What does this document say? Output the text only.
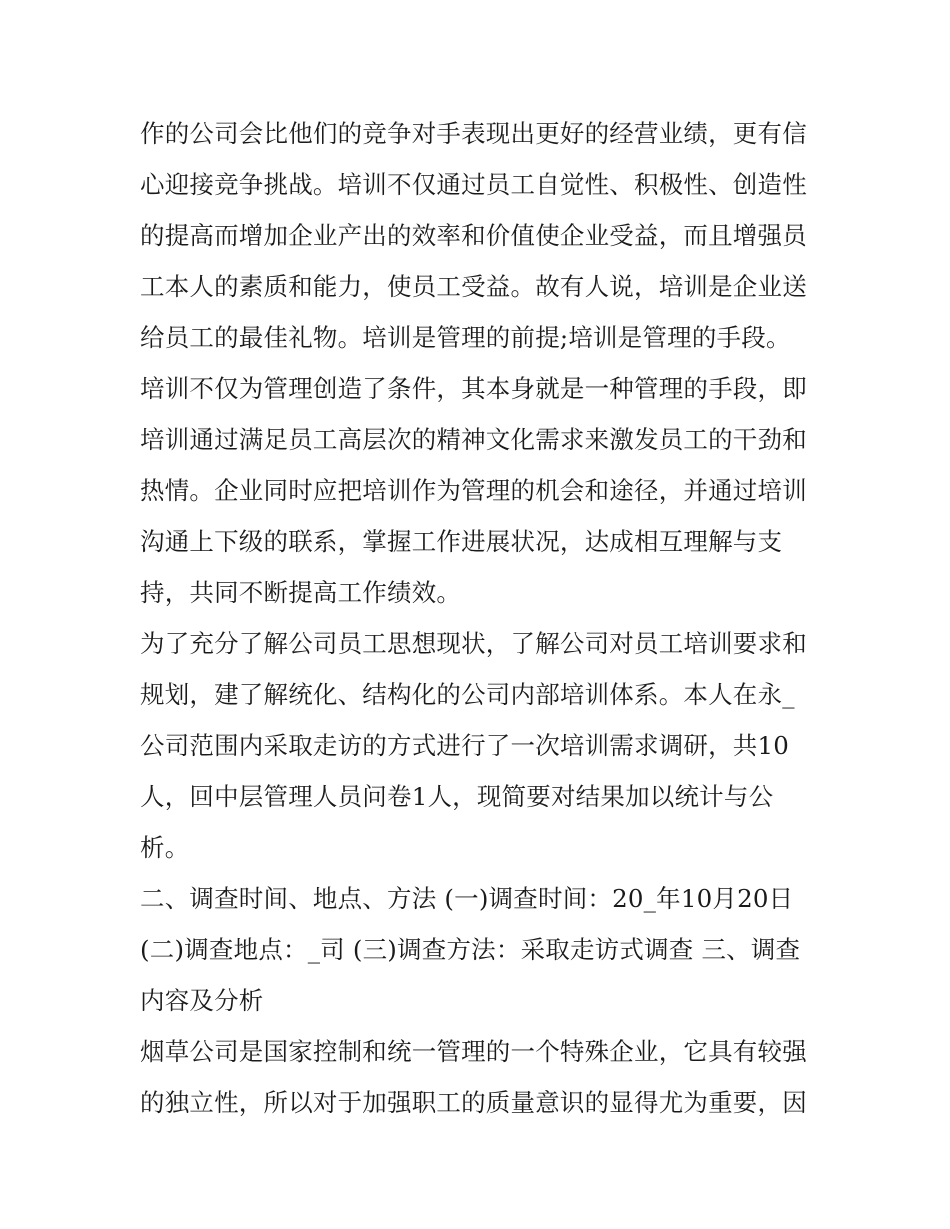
作的公司会比他们的竞争对手表现出更好的经营业绩，更有信
心迎接竞争挑战。培训不仅通过员工自觉性、积极性、创造性
的提高而增加企业产出的效率和价值使企业受益，而且增强员
工本人的素质和能力，使员工受益。故有人说，培训是企业送
给员工的最佳礼物。培训是管理的前提;培训是管理的手段。
培训不仅为管理创造了条件，其本身就是一种管理的手段，即
培训通过满足员工高层次的精神文化需求来激发员工的干劲和
热情。企业同时应把培训作为管理的机会和途径，并通过培训
沟通上下级的联系，掌握工作进展状况，达成相互理解与支
持，共同不断提高工作绩效。
为了充分了解公司员工思想现状，了解公司对员工培训要求和
规划，建了解统化、结构化的公司内部培训体系。本人在永_
公司范围内采取走访的方式进行了一次培训需求调研，共10
人，回中层管理人员问卷1人，现简要对结果加以统计与公
析。
二、调查时间、地点、方法 (一)调查时间：20_年10月20日
(二)调查地点：_司 (三)调查方法：采取走访式调查 三、调查
内容及分析
烟草公司是国家控制和统一管理的一个特殊企业，它具有较强
的独立性，所以对于加强职工的质量意识的显得尤为重要，因
